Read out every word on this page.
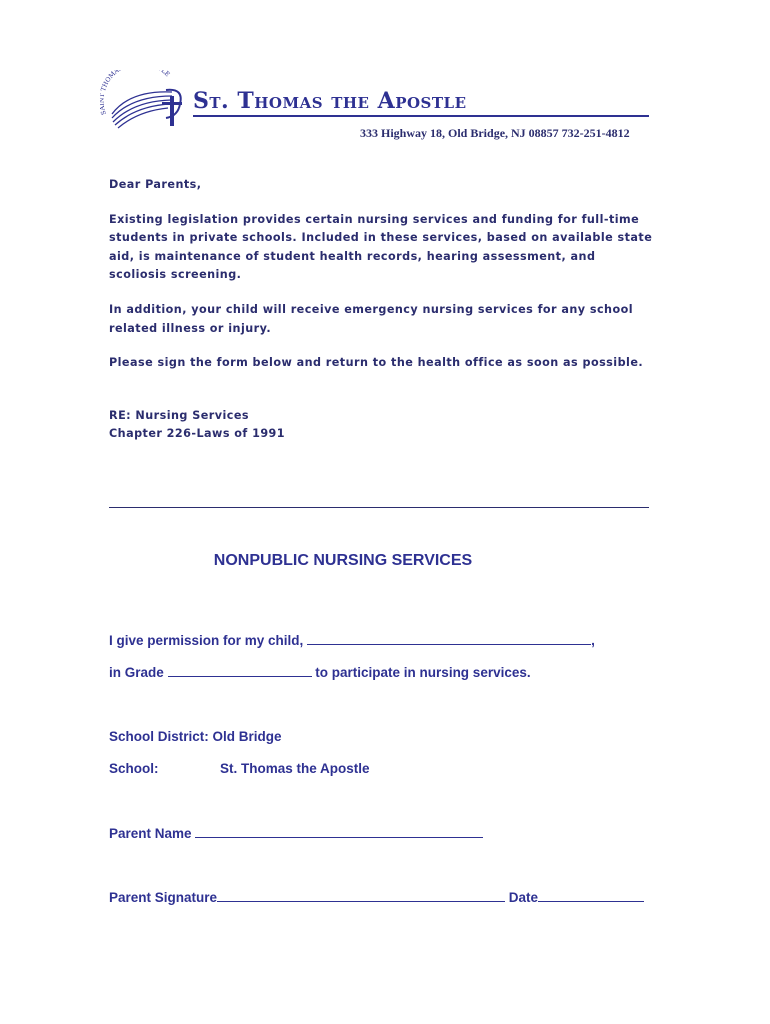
S THOMA LE
St. Thomas the Apostle
333 Highway 18, Old Bridge, NJ 08857 732-251-4812

Dear Parents,

Existing legislation provides certain nursing services and funding for full-time students in private schools. Included in these services, based on available state aid, is maintenance of student health records, hearing assessment, and scoliosis screening.

In addition, your child will receive emergency nursing services for any school related illness or injury.

Please sign the form below and return to the health office as soon as possible.

RE: Nursing Services

Chapter 226-Laws of 1991

NONPUBLIC NURSING SERVICES
I give permission for my child,	,
in Grade	to participate in nursing services.
School District: Old Bridge
School:	St. Thomas the Apostle
Parent Name
Parent Signature	Date
